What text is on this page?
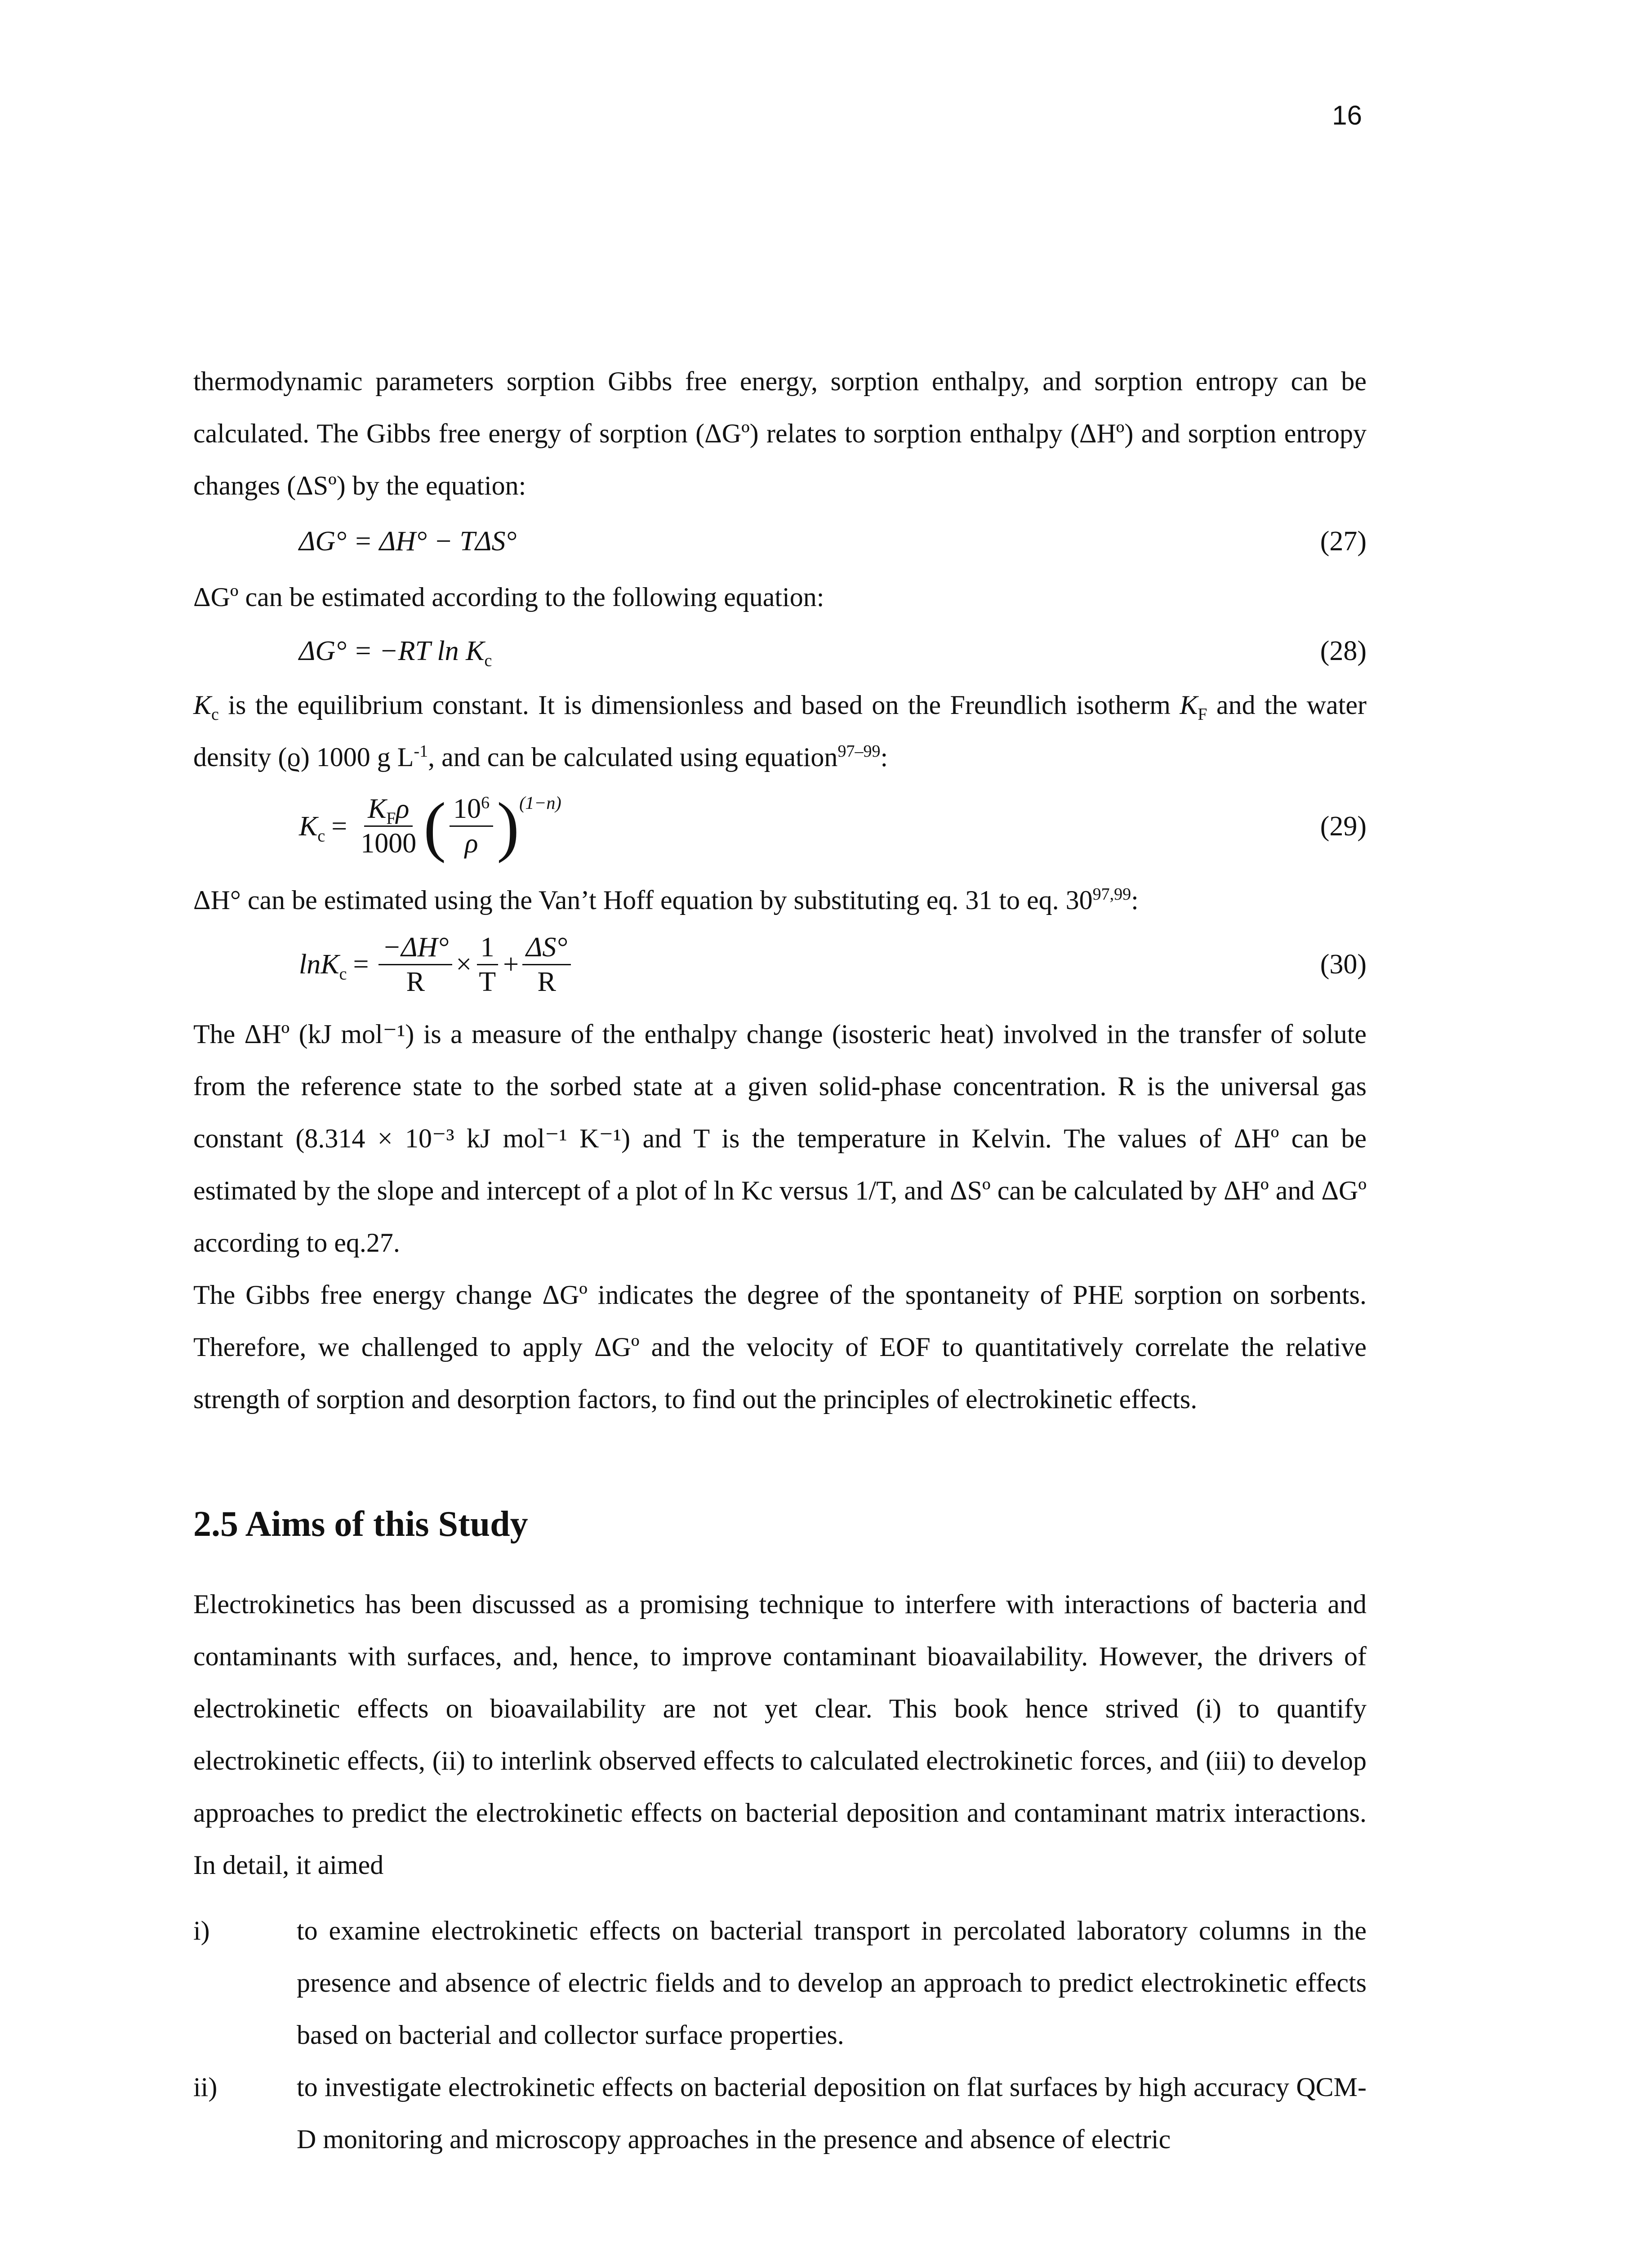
16

thermodynamic parameters sorption Gibbs free energy, sorption enthalpy, and sorption entropy can be calculated. The Gibbs free energy of sorption (ΔGº) relates to sorption enthalpy (ΔHº) and sorption entropy changes (ΔSº) by the equation:

ΔG° = ΔH° − TΔS°	(27)

ΔGº can be estimated according to the following equation:

ΔG° = −RT $\ln K_c$	(28)

$K_c$ is the equilibrium constant. It is dimensionless and based on the Freundlich isotherm $K_F$ and the water density (ϱ) 1000 g $L^{-1}$, and can be calculated using equation$^{97-99}$:

$K_c = \frac{K_F\rho}{1000}$ ( $\frac{10^6}{\rho}$ ) (1−n)
(29)

ΔH° can be estimated using the Van’t Hoff equation by substituting eq. 31 to eq. 30$^{97,99}$:

$\ln K_c = \frac{-\Delta H^\circ}{R} \times \frac{1}{T} + \frac{\Delta S^\circ}{R}$	(30)

The ΔHº (kJ mol⁻¹) is a measure of the enthalpy change (isosteric heat) involved in the transfer of solute from the reference state to the sorbed state at a given solid-phase concentration. R is the universal gas constant (8.314 × 10⁻³ kJ mol⁻¹ K⁻¹) and T is the temperature in Kelvin. The values of ΔHº can be estimated by the slope and intercept of a plot of ln Kc versus 1/T, and ΔSº can be calculated by ΔHº and ΔGº according to eq.27.

The Gibbs free energy change ΔGº indicates the degree of the spontaneity of PHE sorption on sorbents. Therefore, we challenged to apply ΔGº and the velocity of EOF to quantitatively correlate the relative strength of sorption and desorption factors, to find out the principles of electrokinetic effects.

2.5 Aims of this Study

Electrokinetics has been discussed as a promising technique to interfere with interactions of bacteria and contaminants with surfaces, and, hence, to improve contaminant bioavailability. However, the drivers of electrokinetic effects on bioavailability are not yet clear. This book hence strived (i) to quantify electrokinetic effects, (ii) to interlink observed effects to calculated electrokinetic forces, and (iii) to develop approaches to predict the electrokinetic effects on bacterial deposition and contaminant matrix interactions. In detail, it aimed

i)	to examine electrokinetic effects on bacterial transport in percolated laboratory columns in the presence and absence of electric fields and to develop an approach to predict electrokinetic effects based on bacterial and collector surface properties.
ii)	to investigate electrokinetic effects on bacterial deposition on flat surfaces by high accuracy QCM-D monitoring and microscopy approaches in the presence and absence of electric
